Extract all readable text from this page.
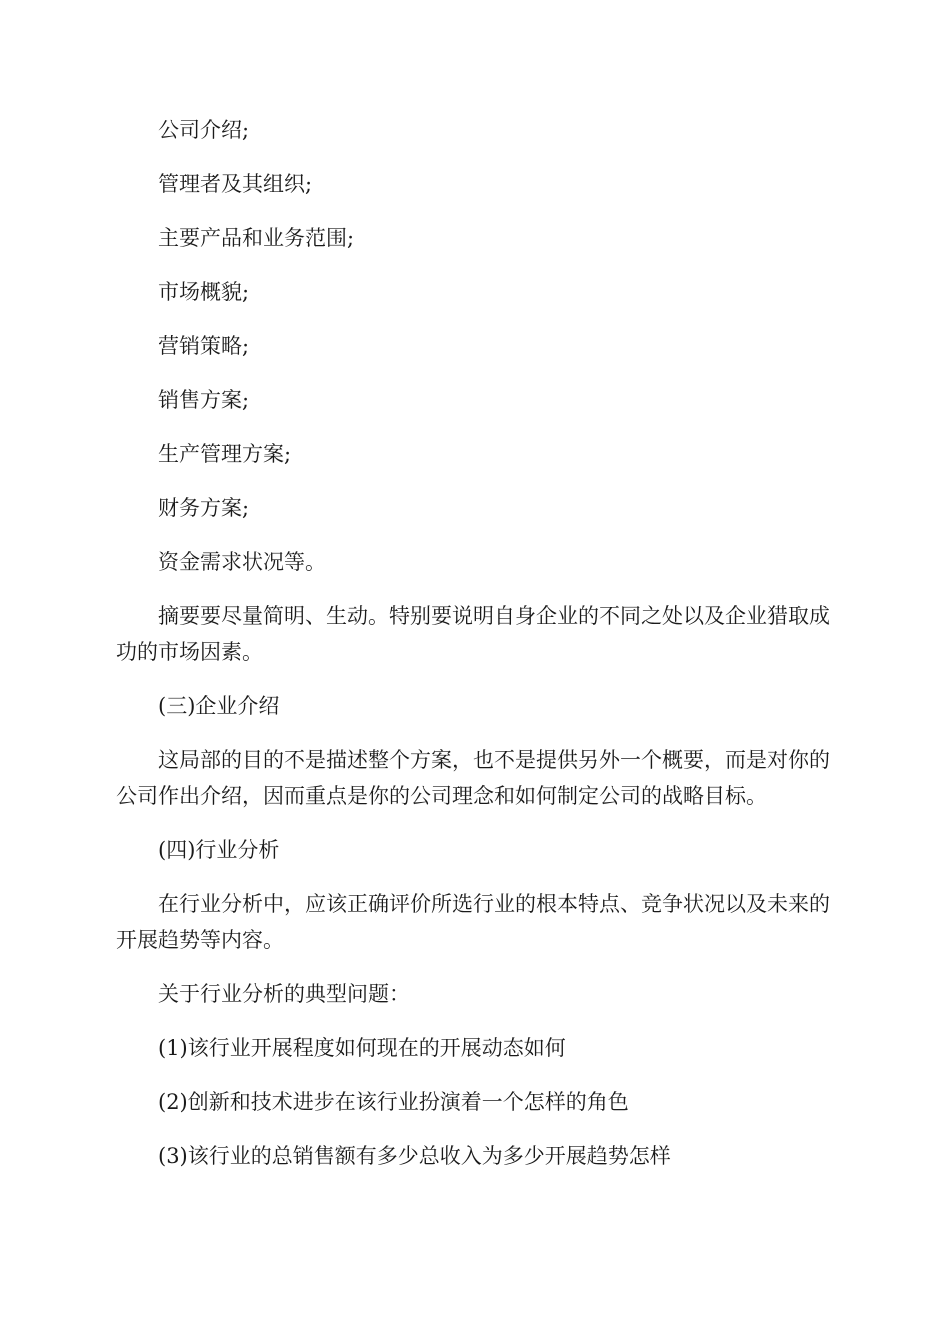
公司介绍;

管理者及其组织;

主要产品和业务范围;

市场概貌;

营销策略;

销售方案;

生产管理方案;

财务方案;

资金需求状况等。

摘要要尽量简明、生动。特别要说明自身企业的不同之处以及企业猎取成功的市场因素。

(三)企业介绍

这局部的目的不是描述整个方案，也不是提供另外一个概要，而是对你的公司作出介绍，因而重点是你的公司理念和如何制定公司的战略目标。

(四)行业分析

在行业分析中，应该正确评价所选行业的根本特点、竞争状况以及未来的开展趋势等内容。

关于行业分析的典型问题：

(1)该行业开展程度如何现在的开展动态如何

(2)创新和技术进步在该行业扮演着一个怎样的角色

(3)该行业的总销售额有多少总收入为多少开展趋势怎样
